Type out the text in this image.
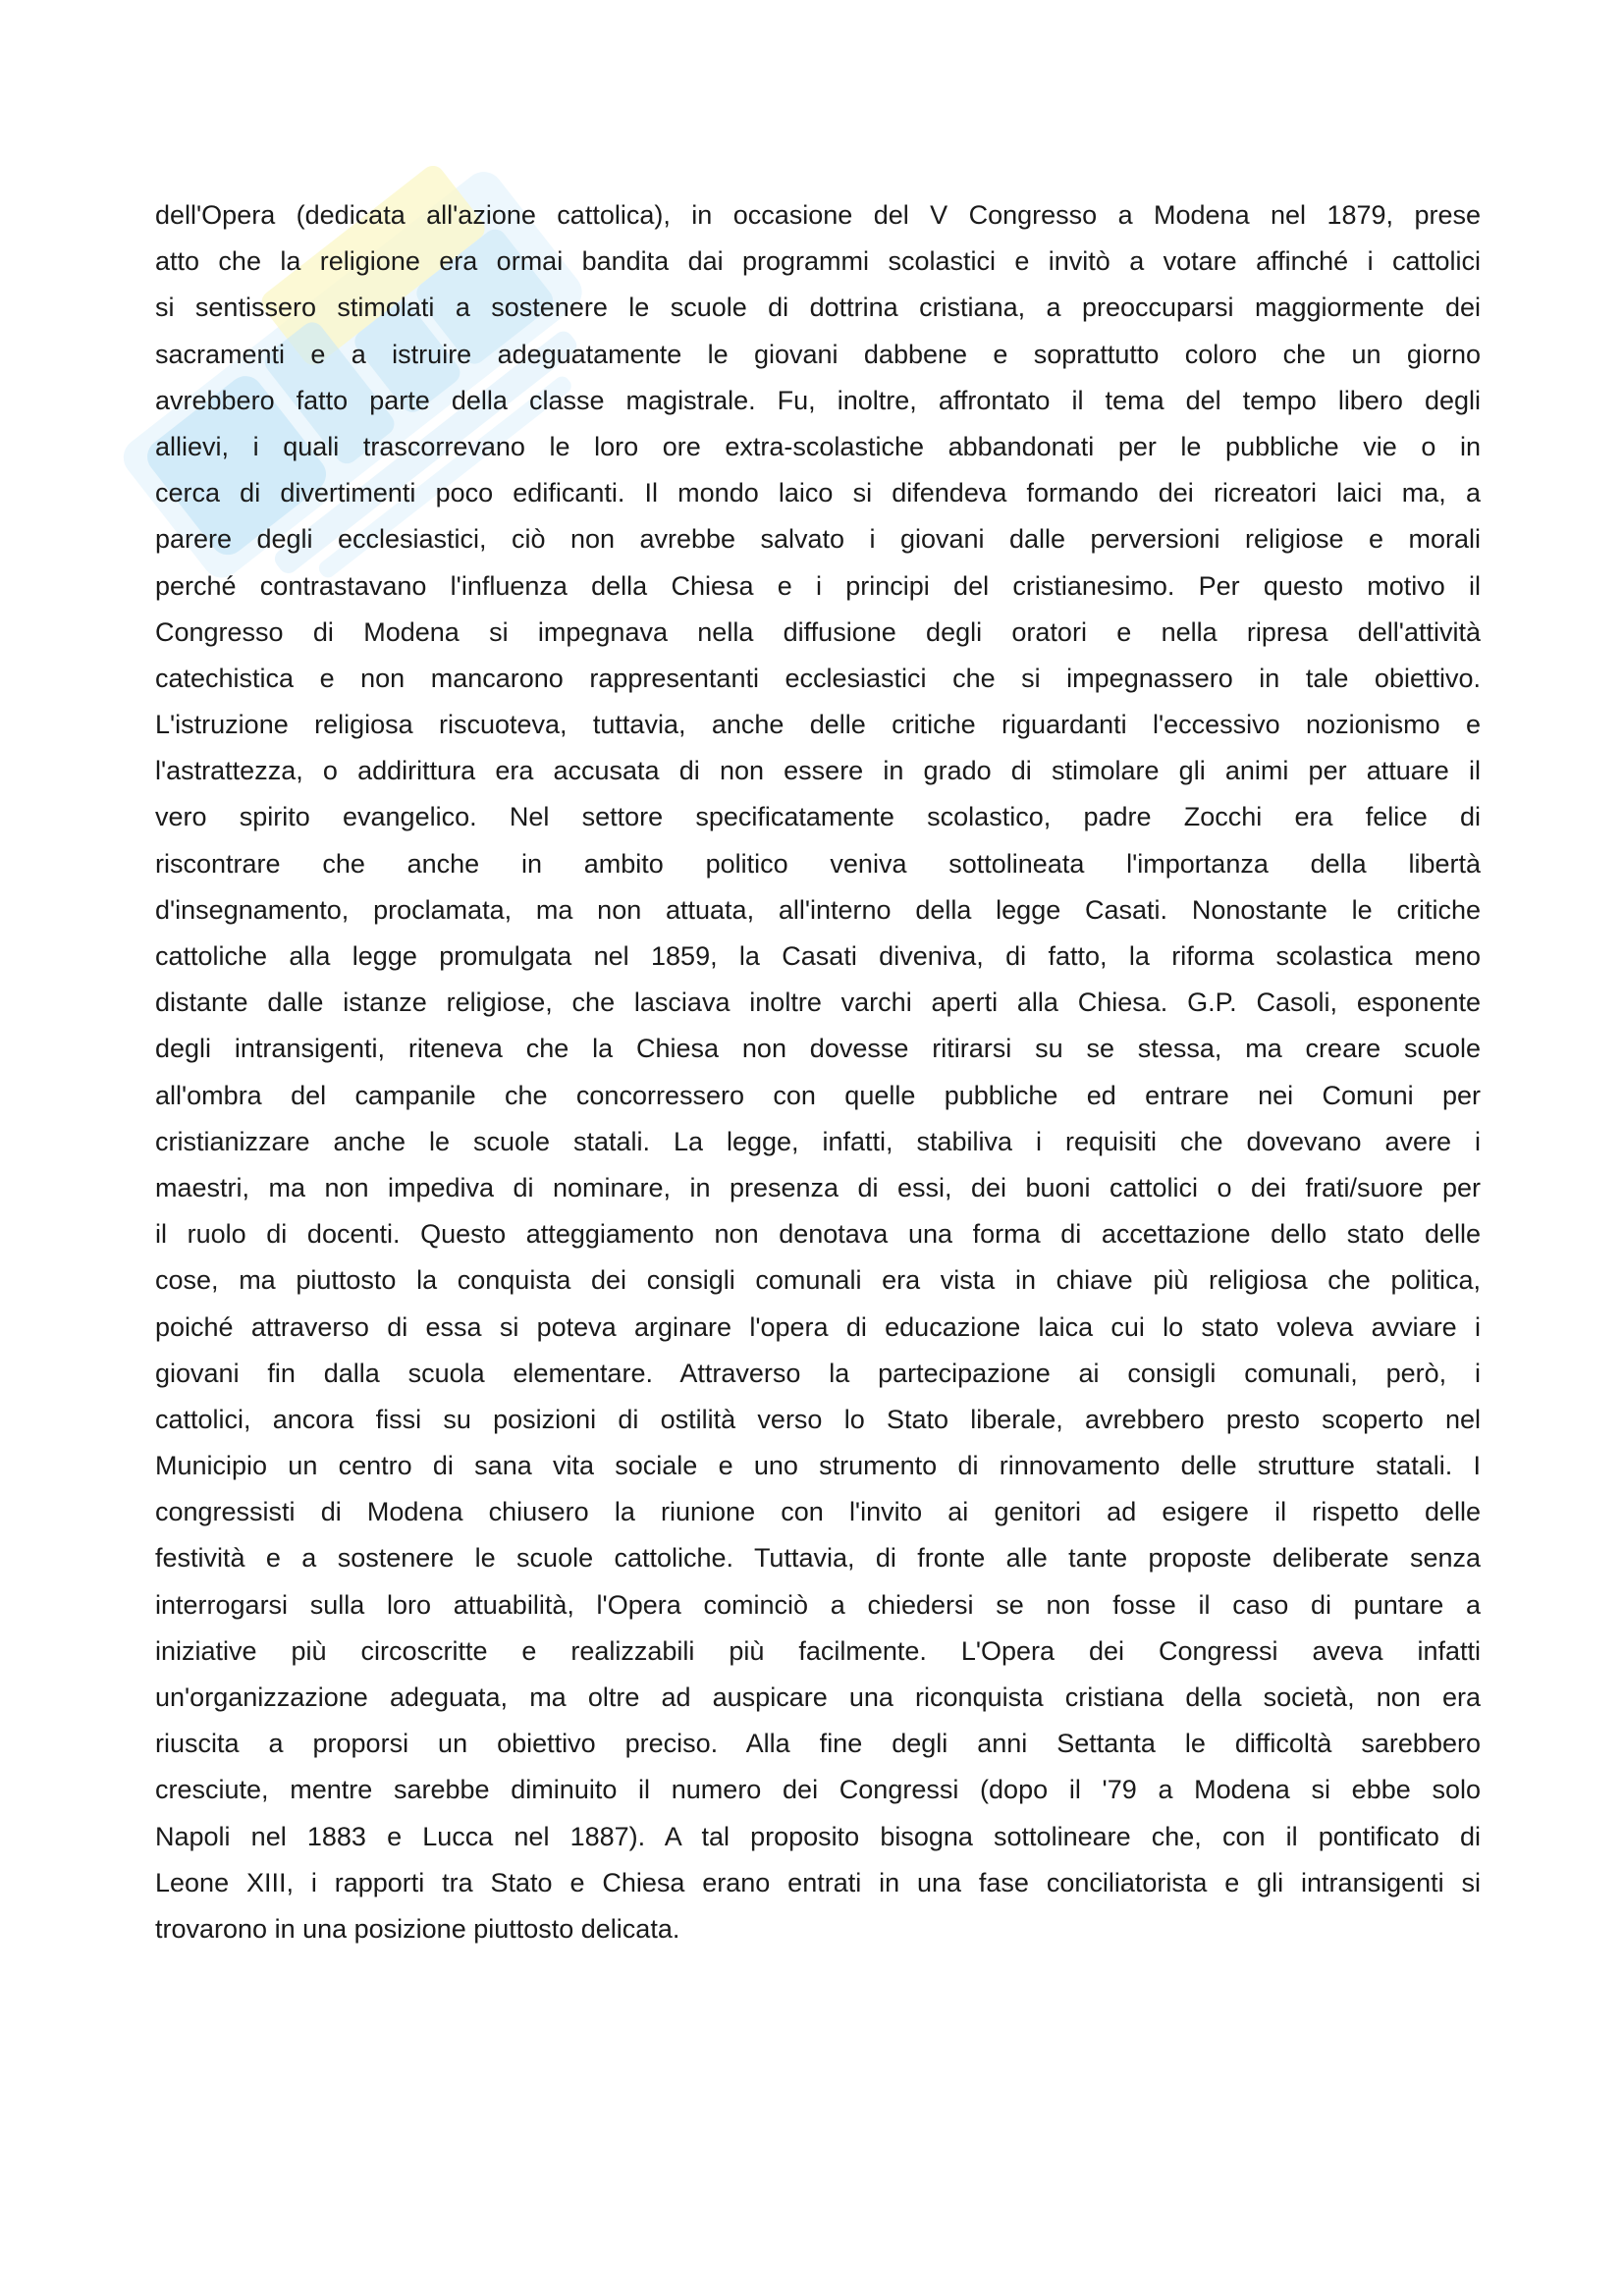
dell'Opera (dedicata all'azione cattolica), in occasione del V Congresso a Modena nel 1879, prese
atto che la religione era ormai bandita dai programmi scolastici e invitò a votare affinché i cattolici
si sentissero stimolati a sostenere le scuole di dottrina cristiana, a preoccuparsi maggiormente dei
sacramenti e a istruire adeguatamente le giovani dabbene e soprattutto coloro che un giorno
avrebbero fatto parte della classe magistrale. Fu, inoltre, affrontato il tema del tempo libero degli
allievi, i quali trascorrevano le loro ore extra-scolastiche abbandonati per le pubbliche vie o in
cerca di divertimenti poco edificanti. Il mondo laico si difendeva formando dei ricreatori laici ma, a
parere degli ecclesiastici, ciò non avrebbe salvato i giovani dalle perversioni religiose e morali
perché contrastavano l'influenza della Chiesa e i principi del cristianesimo. Per questo motivo il
Congresso di Modena si impegnava nella diffusione degli oratori e nella ripresa dell'attività
catechistica e non mancarono rappresentanti ecclesiastici che si impegnassero in tale obiettivo.
L'istruzione religiosa riscuoteva, tuttavia, anche delle critiche riguardanti l'eccessivo nozionismo e
l'astrattezza, o addirittura era accusata di non essere in grado di stimolare gli animi per attuare il
vero spirito evangelico. Nel settore specificatamente scolastico, padre Zocchi era felice di
riscontrare che anche in ambito politico veniva sottolineata l'importanza della libertà
d'insegnamento, proclamata, ma non attuata, all'interno della legge Casati. Nonostante le critiche
cattoliche alla legge promulgata nel 1859, la Casati diveniva, di fatto, la riforma scolastica meno
distante dalle istanze religiose, che lasciava inoltre varchi aperti alla Chiesa. G.P. Casoli, esponente
degli intransigenti, riteneva che la Chiesa non dovesse ritirarsi su se stessa, ma creare scuole
all'ombra del campanile che concorressero con quelle pubbliche ed entrare nei Comuni per
cristianizzare anche le scuole statali. La legge, infatti, stabiliva i requisiti che dovevano avere i
maestri, ma non impediva di nominare, in presenza di essi, dei buoni cattolici o dei frati/suore per
il ruolo di docenti. Questo atteggiamento non denotava una forma di accettazione dello stato delle
cose, ma piuttosto la conquista dei consigli comunali era vista in chiave più religiosa che politica,
poiché attraverso di essa si poteva arginare l'opera di educazione laica cui lo stato voleva avviare i
giovani fin dalla scuola elementare. Attraverso la partecipazione ai consigli comunali, però, i
cattolici, ancora fissi su posizioni di ostilità verso lo Stato liberale, avrebbero presto scoperto nel
Municipio un centro di sana vita sociale e uno strumento di rinnovamento delle strutture statali. I
congressisti di Modena chiusero la riunione con l'invito ai genitori ad esigere il rispetto delle
festività e a sostenere le scuole cattoliche. Tuttavia, di fronte alle tante proposte deliberate senza
interrogarsi sulla loro attuabilità, l'Opera cominciò a chiedersi se non fosse il caso di puntare a
iniziative più circoscritte e realizzabili più facilmente. L'Opera dei Congressi aveva infatti
un'organizzazione adeguata, ma oltre ad auspicare una riconquista cristiana della società, non era
riuscita a proporsi un obiettivo preciso. Alla fine degli anni Settanta le difficoltà sarebbero
cresciute, mentre sarebbe diminuito il numero dei Congressi (dopo il '79 a Modena si ebbe solo
Napoli nel 1883 e Lucca nel 1887). A tal proposito bisogna sottolineare che, con il pontificato di
Leone XIII, i rapporti tra Stato e Chiesa erano entrati in una fase conciliatorista e gli intransigenti si
trovarono in una posizione piuttosto delicata.
